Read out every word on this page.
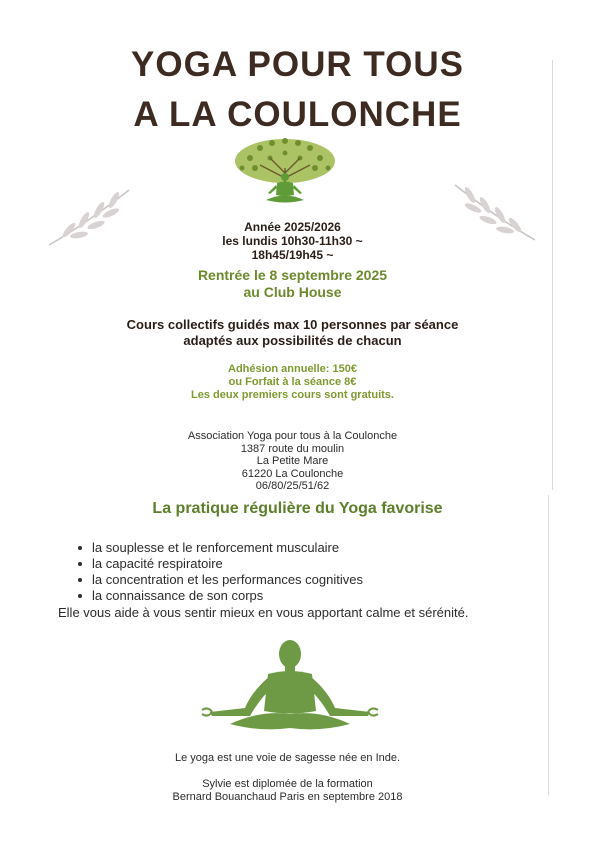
YOGA POUR TOUS
A LA COULONCHE
Année 2025/2026
les lundis 10h30-11h30 ~
18h45/19h45 ~
Rentrée le 8 septembre 2025
au Club House
Cours collectifs guidés max 10 personnes par séance
adaptés aux possibilités de chacun
Adhésion annuelle: 150€
ou Forfait à la séance 8€
Les deux premiers cours sont gratuits.
Association Yoga pour tous à la Coulonche
1387 route du moulin
La Petite Mare
61220 La Coulonche
06/80/25/51/62
La pratique régulière du Yoga favorise
la souplesse et le renforcement musculaire
la capacité respiratoire
la concentration et les performances cognitives
la connaissance de son corps
Elle vous aide à vous sentir mieux en vous apportant calme et sérénité.
Le yoga est une voie de sagesse née en Inde.
Sylvie est diplomée de la formation
Bernard Bouanchaud Paris en septembre 2018
